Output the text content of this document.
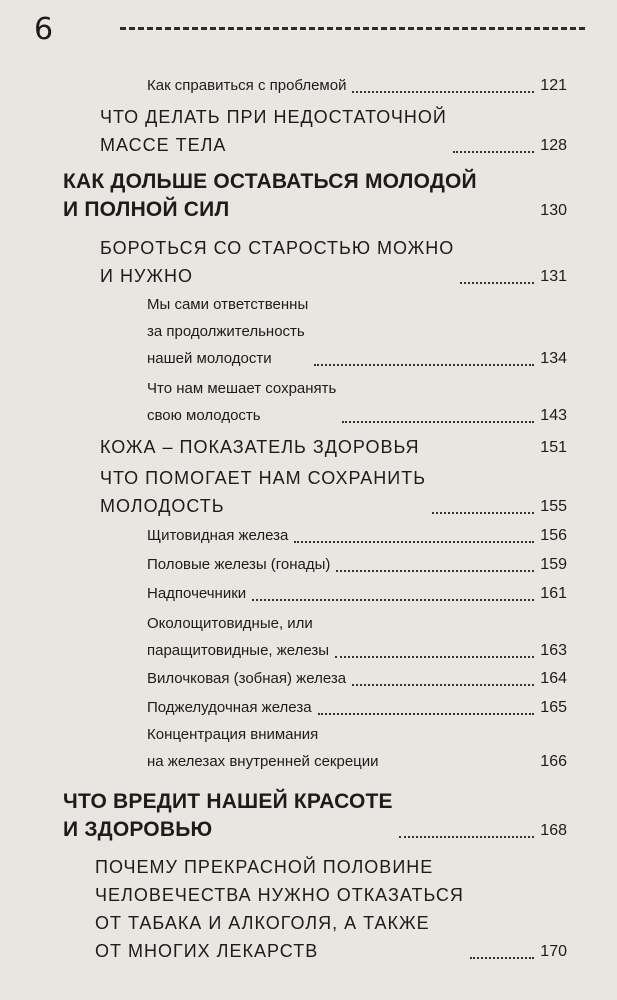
6
Как справиться с проблемой	121
ЧТО ДЕЛАТЬ ПРИ НЕДОСТАТОЧНОЙ
МАССЕ ТЕЛА	128
КАК ДОЛЬШЕ ОСТАВАТЬСЯ МОЛОДОЙ
И ПОЛНОЙ СИЛ	130
БОРОТЬСЯ СО СТАРОСТЬЮ МОЖНО
И НУЖНО	131
Мы сами ответственны
за продолжительность
нашей молодости	134
Что нам мешает сохранять
свою молодость	143
КОЖА – ПОКАЗАТЕЛЬ ЗДОРОВЬЯ	151
ЧТО ПОМОГАЕТ НАМ СОХРАНИТЬ
МОЛОДОСТЬ	155
Щитовидная железа	156
Половые железы (гонады)	159
Надпочечники	161
Околощитовидные, или
паращитовидные, железы	163
Вилочковая (зобная) железа	164
Поджелудочная железа	165
Концентрация внимания
на железах внутренней секреции	166
ЧТО ВРЕДИТ НАШЕЙ КРАСОТЕ
И ЗДОРОВЬЮ	168
ПОЧЕМУ ПРЕКРАСНОЙ ПОЛОВИНЕ
ЧЕЛОВЕЧЕСТВА НУЖНО ОТКАЗАТЬСЯ
ОТ ТАБАКА И АЛКОГОЛЯ, А ТАКЖЕ
ОТ МНОГИХ ЛЕКАРСТВ	170
